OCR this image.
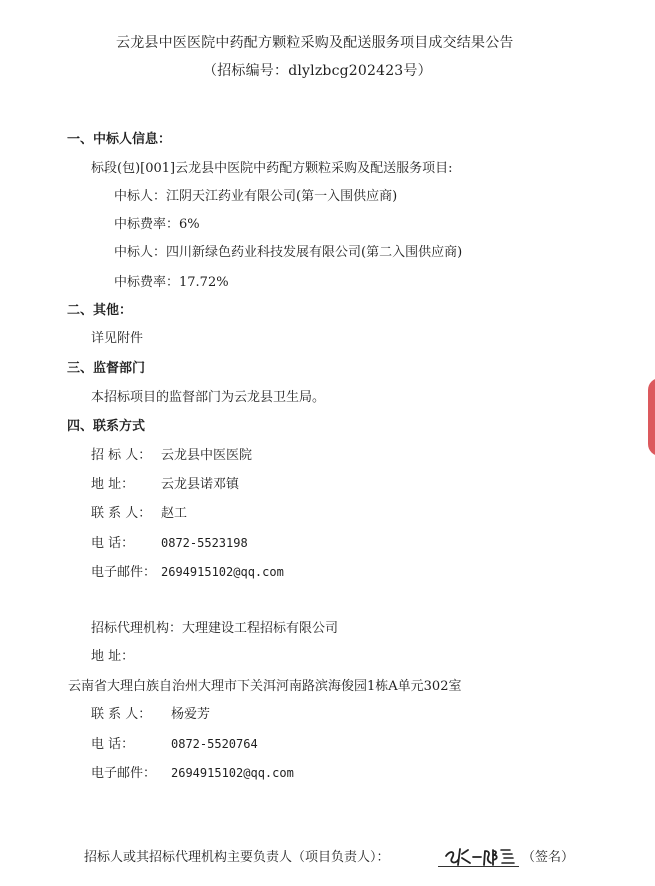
云龙县中医医院中药配方颗粒采购及配送服务项目成交结果公告
（招标编号：dlylzbcg202423号）
一、中标人信息：
标段(包)[001]云龙县中医院中药配方颗粒采购及配送服务项目:
中标人：江阴天江药业有限公司(第一入围供应商)
中标费率：6%
中标人：四川新绿色药业科技发展有限公司(第二入围供应商)
中标费率：17.72%
二、其他：
详见附件
三、监督部门
本招标项目的监督部门为云龙县卫生局。
四、联系方式
招 标 人： 云龙县中医医院
地 址： 云龙县诺邓镇
联 系 人： 赵工
电 话： 0872-5523198
电子邮件： 2694915102@qq.com
招标代理机构：大理建设工程招标有限公司
地 址：
云南省大理白族自治州大理市下关洱河南路滨海俊园1栋A单元302室
联 系 人： 杨爱芳
电 话：	0872-5520764
电子邮件： 2694915102@qq.com
招标人或其招标代理机构主要负责人（项目负责人）：	（签名）
